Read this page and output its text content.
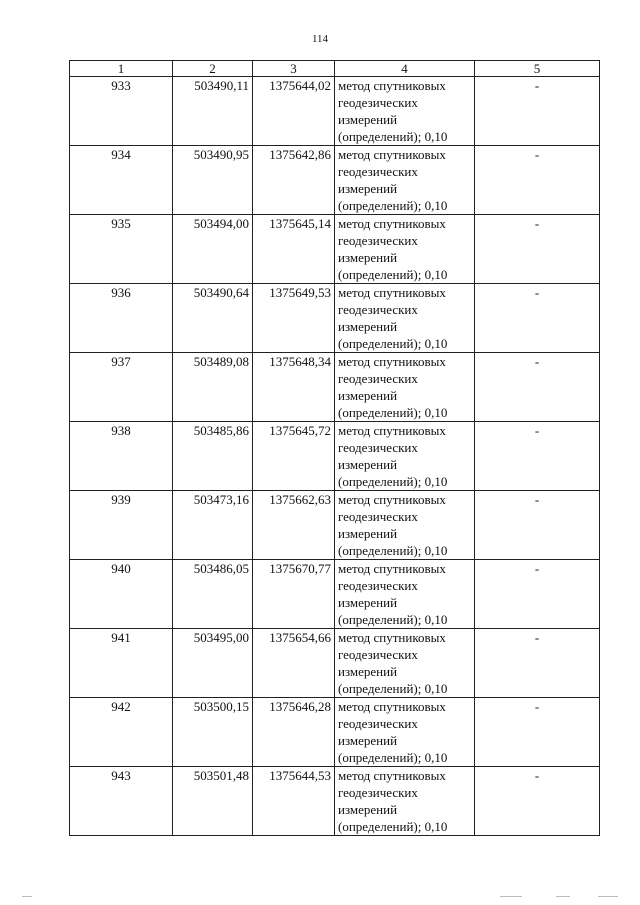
114
1	2	3	4	5
933	503490,11	1375644,02	метод спутниковых геодезических измерений (определений); 0,10	-
934	503490,95	1375642,86	метод спутниковых геодезических измерений (определений); 0,10	-
935	503494,00	1375645,14	метод спутниковых геодезических измерений (определений); 0,10	-
936	503490,64	1375649,53	метод спутниковых геодезических измерений (определений); 0,10	-
937	503489,08	1375648,34	метод спутниковых геодезических измерений (определений); 0,10	-
938	503485,86	1375645,72	метод спутниковых геодезических измерений (определений); 0,10	-
939	503473,16	1375662,63	метод спутниковых геодезических измерений (определений); 0,10	-
940	503486,05	1375670,77	метод спутниковых геодезических измерений (определений); 0,10	-
941	503495,00	1375654,66	метод спутниковых геодезических измерений (определений); 0,10	-
942	503500,15	1375646,28	метод спутниковых геодезических измерений (определений); 0,10	-
943	503501,48	1375644,53	метод спутниковых геодезических измерений (определений); 0,10	-
